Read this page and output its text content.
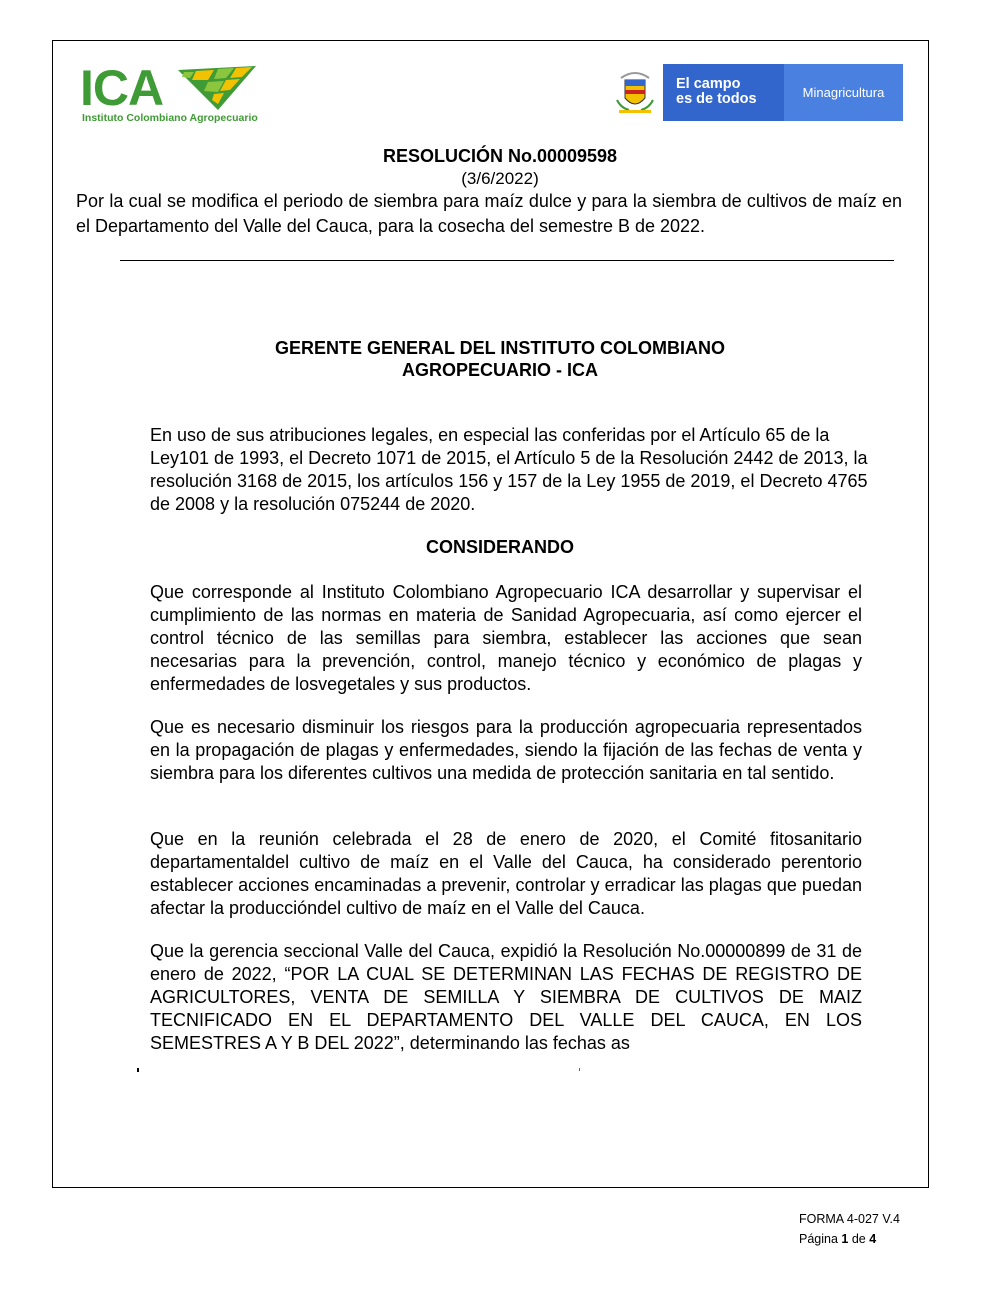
ICA
Instituto Colombiano Agropecuario
El campo
es de todos	Minagricultura
RESOLUCIÓN No.00009598
(3/6/2022)
Por la cual se modifica el periodo de siembra para maíz dulce y para la siembra de cultivos de maíz en el Departamento del Valle del Cauca, para la cosecha del semestre B de 2022.
GERENTE GENERAL DEL INSTITUTO COLOMBIANO
AGROPECUARIO - ICA
En uso de sus atribuciones legales, en especial las conferidas por el Artículo 65 de la Ley101 de 1993, el Decreto 1071 de 2015, el Artículo 5 de la Resolución 2442 de 2013, la resolución 3168 de 2015, los artículos 156 y 157 de la Ley 1955 de 2019, el Decreto 4765 de 2008 y la resolución 075244 de 2020.
CONSIDERANDO
Que corresponde al Instituto Colombiano Agropecuario ICA desarrollar y supervisar el cumplimiento de las normas en materia de Sanidad Agropecuaria, así como ejercer el control técnico de las semillas para siembra, establecer las acciones que sean necesarias para la prevención, control, manejo técnico y económico de plagas y enfermedades de losvegetales y sus productos.
Que es necesario disminuir los riesgos para la producción agropecuaria representados en la propagación de plagas y enfermedades, siendo la fijación de las fechas de venta y siembra para los diferentes cultivos una medida de protección sanitaria en tal sentido.
Que en la reunión celebrada el 28 de enero de 2020, el Comité fitosanitario departamentaldel cultivo de maíz en el Valle del Cauca, ha considerado perentorio establecer acciones encaminadas a prevenir, controlar y erradicar las plagas que puedan afectar la produccióndel cultivo de maíz en el Valle del Cauca.
Que la gerencia seccional Valle del Cauca, expidió la Resolución No.00000899 de 31 de enero de 2022, “POR LA CUAL SE DETERMINAN LAS FECHAS DE REGISTRO DE AGRICULTORES, VENTA DE SEMILLA Y SIEMBRA DE CULTIVOS DE MAIZ TECNIFICADO EN EL DEPARTAMENTO DEL VALLE DEL CAUCA, EN LOS SEMESTRES A Y B DEL 2022”, determinando las fechas as
FORMA 4-027 V.4
Página 1 de 4
